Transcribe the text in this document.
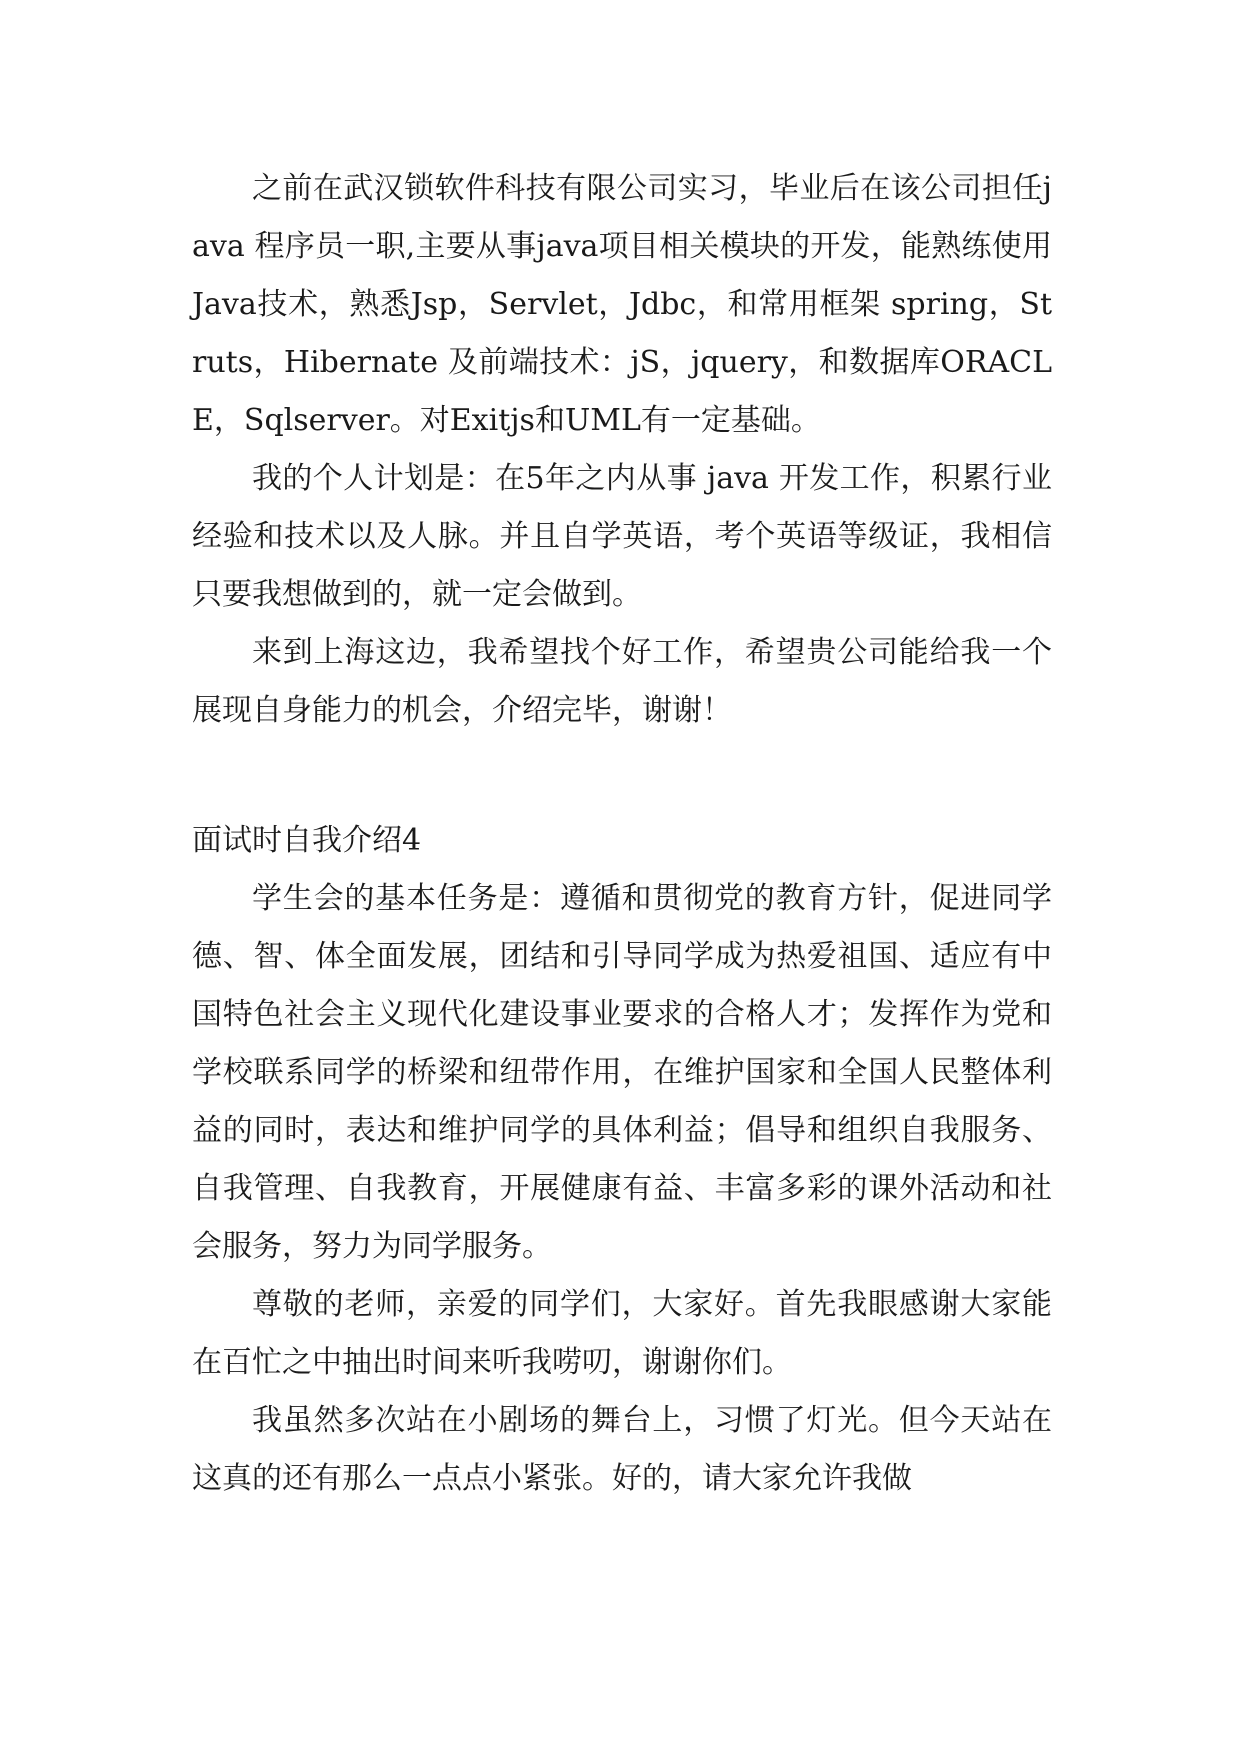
之前在武汉锁软件科技有限公司实习，毕业后在该公司担任java 程序员一职,主要从事java项目相关模块的开发，能熟练使用Java技术，熟悉Jsp，Servlet，Jdbc，和常用框架 spring，Struts，Hibernate 及前端技术：jS，jquery，和数据库ORACLE，Sqlserver。对Exitjs和UML有一定基础。

我的个人计划是：在5年之内从事 java 开发工作，积累行业经验和技术以及人脉。并且自学英语，考个英语等级证，我相信只要我想做到的，就一定会做到。

来到上海这边，我希望找个好工作，希望贵公司能给我一个展现自身能力的机会，介绍完毕，谢谢！

面试时自我介绍4

学生会的基本任务是：遵循和贯彻党的教育方针，促进同学德、智、体全面发展，团结和引导同学成为热爱祖国、适应有中国特色社会主义现代化建设事业要求的合格人才；发挥作为党和学校联系同学的桥梁和纽带作用，在维护国家和全国人民整体利益的同时，表达和维护同学的具体利益；倡导和组织自我服务、自我管理、自我教育，开展健康有益、丰富多彩的课外活动和社会服务，努力为同学服务。

尊敬的老师，亲爱的同学们，大家好。首先我眼感谢大家能在百忙之中抽出时间来听我唠叨，谢谢你们。

我虽然多次站在小剧场的舞台上，习惯了灯光。但今天站在这真的还有那么一点点小紧张。好的，请大家允许我做
